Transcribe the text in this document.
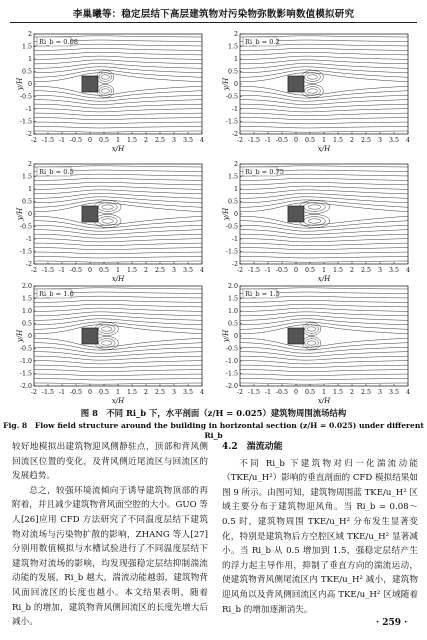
李巢曦等：稳定层结下高层建筑物对污染物弥散影响数值模拟研究
Ri_b = 0.08
-2 -1.5 -1 -0.5 0 0.5 1 1.5 2 2.5 3 3.5 4
2
1.5
1
0.5
0
-0.5
-1
-1.5
-2
x/H
y/H
Ri_b = 0.2
-2 -1.5 -1 -0.5 0 0.5 1 1.5 2 2.5 3 3.5 4
2
1.5
1
0.5
0
-0.5
-1
-1.5
-2
x/H
y/H
Ri_b = 0.5
-2 -1.5 -1 -0.5 0 0.5 1 1.5 2 2.5 3 3.5 4
2
1.5
1
0.5
0
-0.5
-1
-1.5
-2
x/H
y/H
Ri_b = 0.75
-2 -1.5 -1 -0.5 0 0.5 1 1.5 2 2.5 3 3.5 4
2
1.5
1
0.5
0
-0.5
-1
-1.5
-2
x/H
y/H
Ri_b = 1.0
-2 -1.5 -1 -0.5 0 0.5 1 1.5 2 2.5 3 3.5 4
2.0
1.5
1.0
0.5
0
-0.5
-1.0
-1.5
-2.0
x/H
y/H
Ri_b = 1.5
-2 -1.5 -1 -0.5 0 0.5 1 1.5 2 2.5 3 3.5 4
2.0
1.5
1.0
0.5
0
-0.5
-1.0
-1.5
-2.0
x/H
y/H
图 8　不同 Ri_b 下，水平剖面（z/H = 0.025）建筑物周围流场结构
Fig. 8　Flow field structure around the building in horizontal section (z/H = 0.025) under different Ri_b

较好地模拟出建筑物迎风侧静驻点，顶部和背风侧回流区位置的变化，及背风侧近尾流区与回流区的发展趋势。

总之，较强环境流倾向于诱导建筑物顶部的再附着，并且减少建筑物背风面空腔的大小。GUO 等人[26]应用 CFD 方法研究了不同温度层结下建筑物对流场与污染物扩散的影响，ZHANG 等人[27]分别用数值模拟与水槽试验进行了不同温度层结下建筑物对流场的影响，均发现强稳定层结抑制湍流动能的发展，Ri_b 越大，湍流动能越弱，建筑物背风面回流区的长度也越小。本文结果表明，随着 Ri_b 的增加，建筑物背风侧回流区的长度先增大后减小。

4.2　湍流动能

不同 Ri_b 下建筑物对归一化湍流动能（TKE/u_H²）影响的垂直剖面的 CFD 模拟结果如图 9 所示。由图可知，建筑物周围蓝 TKE/u_H² 区域主要分布于建筑物迎风角。当 Ri_b = 0.08～0.5 时，建筑物周围 TKE/u_H² 分布发生显著变化，特别是建筑物后方空腔区域 TKE/u_H² 显著减小。当 Ri_b 从 0.5 增加到 1.5，强稳定层结产生的浮力起主导作用，抑制了垂直方向的湍流运动，使建筑物背风侧尾流区内 TKE/u_H² 减小，建筑物迎风角以及背风侧回流区内高 TKE/u_H² 区域随着 Ri_b 的增加逐渐消失。

· 259 ·
